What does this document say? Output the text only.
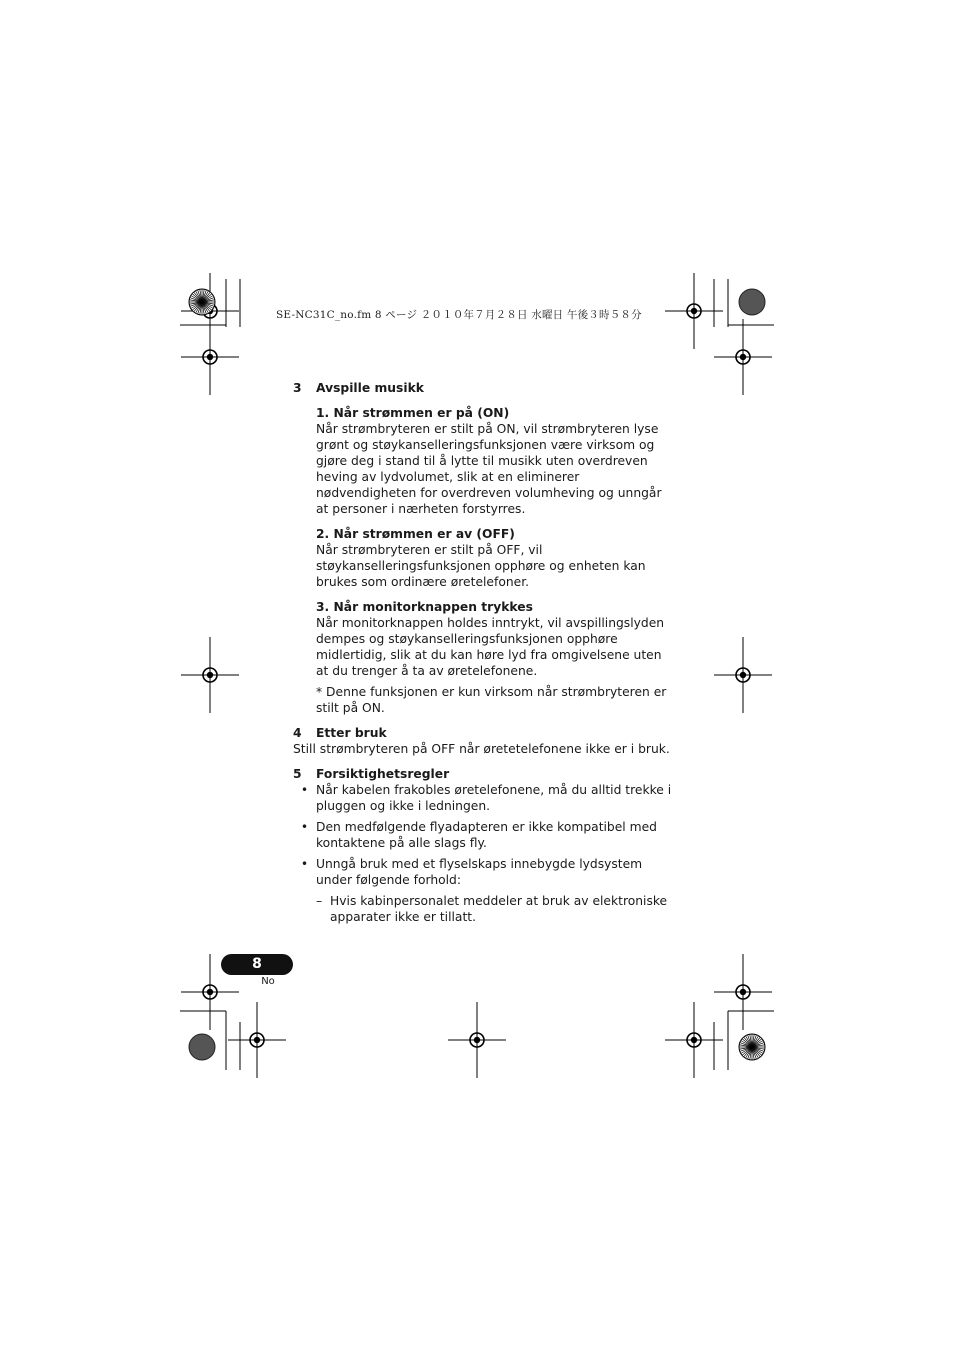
SE-NC31C_no.fm 8 ページ ２０１０年７月２８日 水曜日 午後３時５８分
3	Avspille musikk
1. Når strømmen er på (ON)

Når strømbryteren er stilt på ON, vil strømbryteren lyse grønt og støykanselleringsfunksjonen være virksom og gjøre deg i stand til å lytte til musikk uten overdreven heving av lydvolumet, slik at en eliminerer nødvendigheten for overdreven volumheving og unngår at personer i nærheten forstyrres.

2. Når strømmen er av (OFF)

Når strømbryteren er stilt på OFF, vil støykanselleringsfunksjonen opphøre og enheten kan brukes som ordinære øretelefoner.

3. Når monitorknappen trykkes

Når monitorknappen holdes inntrykt, vil avspillingslyden dempes og støykanselleringsfunksjonen opphøre midlertidig, slik at du kan høre lyd fra omgivelsene uten at du trenger å ta av øretelefonene.

* Denne funksjonen er kun virksom når strømbryteren er stilt på ON.

4	Etter bruk

Still strømbryteren på OFF når øretetelefonene ikke er i bruk.

5	Forsiktighetsregler
• Når kabelen frakobles øretelefonene, må du alltid trekke i pluggen og ikke i ledningen.
• Den medfølgende flyadapteren er ikke kompatibel med kontaktene på alle slags fly.
• Unngå bruk med et flyselskaps innebygde lydsystem under følgende forhold:
– Hvis kabinpersonalet meddeler at bruk av elektroniske apparater ikke er tillatt.
8
No
